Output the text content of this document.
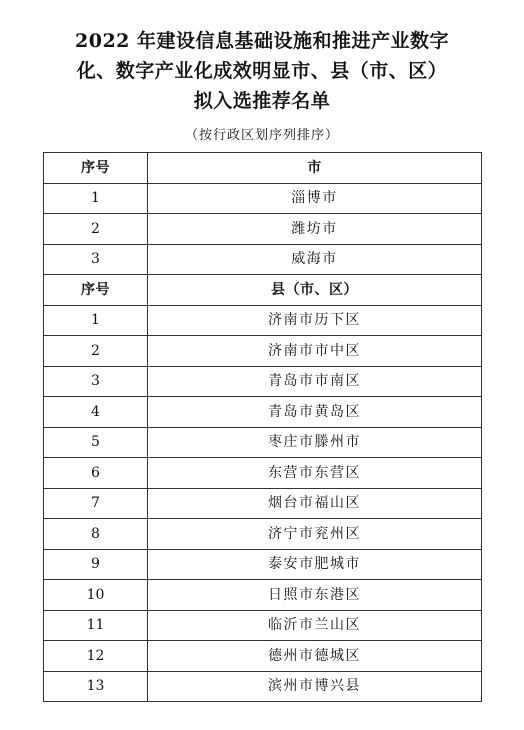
2022 年建设信息基础设施和推进产业数字
化、数字产业化成效明显市、县（市、区）
拟入选推荐名单
（按行政区划序列排序）
序号	市
1	淄博市
2	潍坊市
3	威海市
序号	县（市、区）
1	济南市历下区
2	济南市市中区
3	青岛市市南区
4	青岛市黄岛区
5	枣庄市滕州市
6	东营市东营区
7	烟台市福山区
8	济宁市兖州区
9	泰安市肥城市
10	日照市东港区
11	临沂市兰山区
12	德州市德城区
13	滨州市博兴县
